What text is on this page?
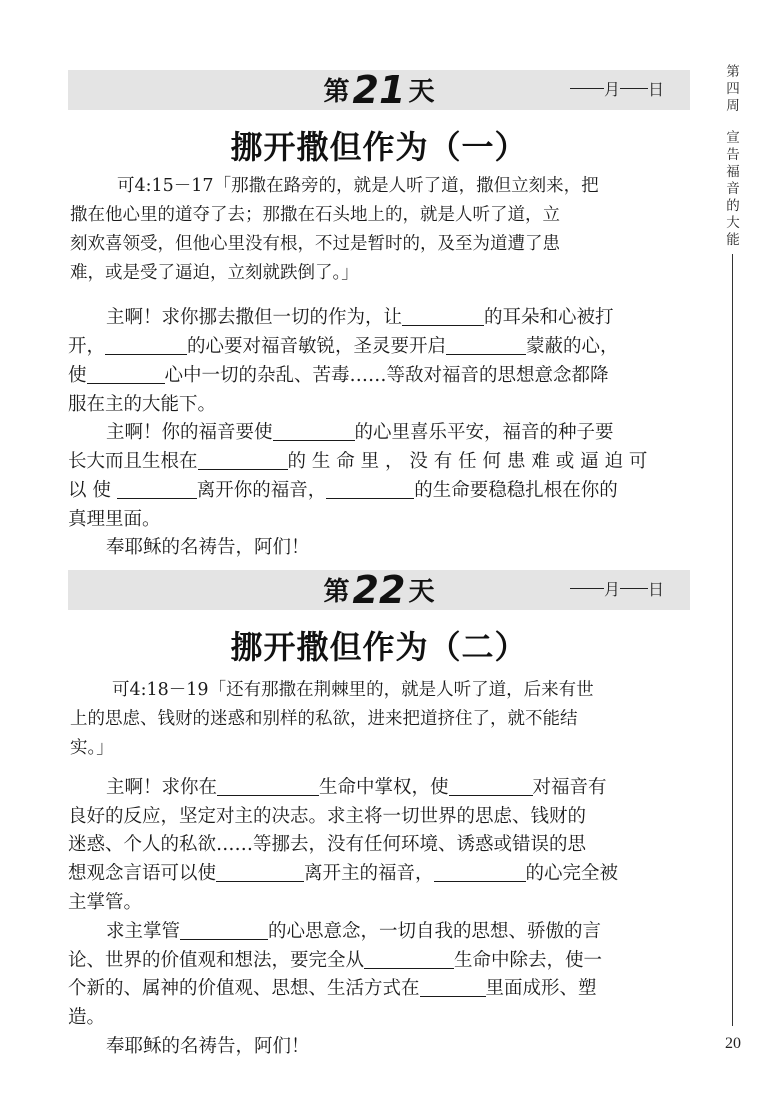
第四周
宣告福音的大能
20
第21 天	月 日
挪开撒但作为（一）
可4:15－17「那撒在路旁的，就是人听了道，撒但立刻来，把
撒在他心里的道夺了去；那撒在石头地上的，就是人听了道，立
刻欢喜领受，但他心里没有根，不过是暂时的，及至为道遭了患
难，或是受了逼迫，立刻就跌倒了。」
主啊！求你挪去撒但一切的作为，让	的耳朵和心被打
开，	的心要对福音敏锐，圣灵要开启	蒙蔽的心，
使	心中一切的杂乱、苦毒……等敌对福音的思想意念都降
服在主的大能下。
主啊！你的福音要使	的心里喜乐平安，福音的种子要
长大而且生根在	的 生 命 里 ， 没 有 任 何 患 难 或 逼 迫 可
以 使	离开你的福音，	的生命要稳稳扎根在你的
真理里面。
奉耶稣的名祷告，阿们！
第22 天	月 日
挪开撒但作为（二）
可4:18－19「还有那撒在荆棘里的，就是人听了道，后来有世
上的思虑、钱财的迷惑和别样的私欲，进来把道挤住了，就不能结
实。」
主啊！求你在	生命中掌权，使	对福音有
良好的反应，坚定对主的决志。求主将一切世界的思虑、钱财的
迷惑、个人的私欲……等挪去，没有任何环境、诱惑或错误的思
想观念言语可以使	离开主的福音，	的心完全被
主掌管。
求主掌管	的心思意念，一切自我的思想、骄傲的言
论、世界的价值观和想法，要完全从	生命中除去，使一
个新的、属神的价值观、思想、生活方式在	里面成形、塑
造。
奉耶稣的名祷告，阿们！
